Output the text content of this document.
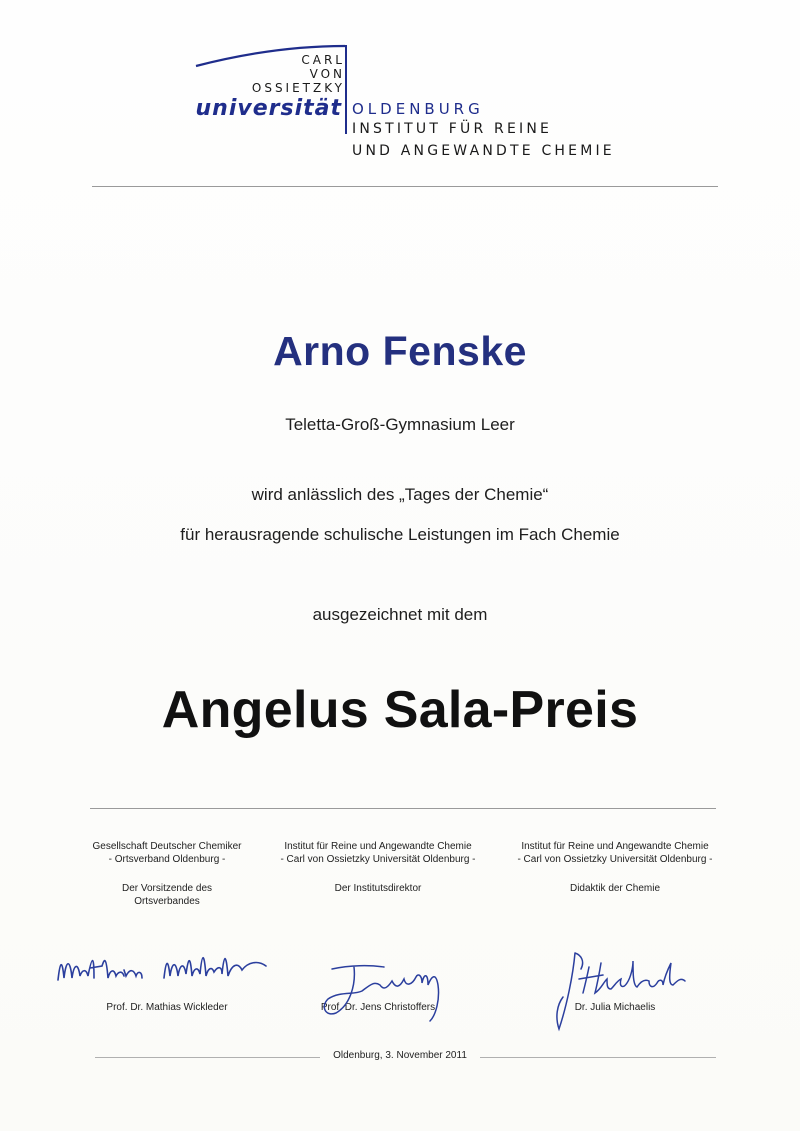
CARL
VON
OSSIETZKY
universität OLDENBURG
INSTITUT FÜR REINE
UND ANGEWANDTE CHEMIE
Arno Fenske
Teletta-Groß-Gymnasium Leer
wird anlässlich des „Tages der Chemie“
für herausragende schulische Leistungen im Fach Chemie
ausgezeichnet mit dem
Angelus Sala-Preis
Gesellschaft Deutscher Chemiker
- Ortsverband Oldenburg -
Der Vorsitzende des
Ortsverbandes
Prof. Dr. Mathias Wickleder
Institut für Reine und Angewandte Chemie
- Carl von Ossietzky Universität Oldenburg -
Der Institutsdirektor
Prof. Dr. Jens Christoffers
Institut für Reine und Angewandte Chemie
- Carl von Ossietzky Universität Oldenburg -
Didaktik der Chemie
Dr. Julia Michaelis
Oldenburg, 3. November 2011
